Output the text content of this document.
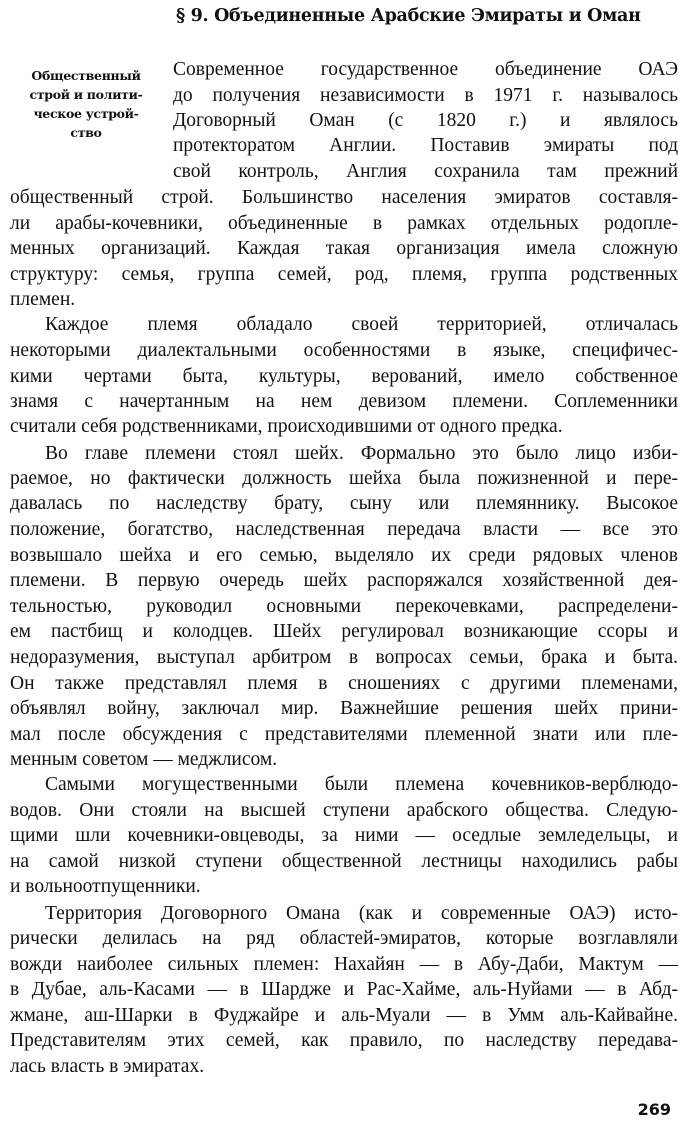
§ 9. Объединенные Арабские Эмираты и Оман
Общественный
строй и полити-
ческое устрой-
ство
Современное государственное объединение ОАЭ
до получения независимости в 1971 г. называлось
Договорный Оман (с 1820 г.) и являлось
протекторатом Англии. Поставив эмираты под
свой контроль, Англия сохранила там прежний
общественный строй. Большинство населения эмиратов составля-
ли арабы-кочевники, объединенные в рамках отдельных родопле-
менных организаций. Каждая такая организация имела сложную
структуру: семья, группа семей, род, племя, группа родственных
племен.
Каждое племя обладало своей территорией, отличалась
некоторыми диалектальными особенностями в языке, специфичес-
кими чертами быта, культуры, верований, имело собственное
знамя с начертанным на нем девизом племени. Соплеменники
считали себя родственниками, происходившими от одного предка.
Во главе племени стоял шейх. Формально это было лицо изби-
раемое, но фактически должность шейха была пожизненной и пере-
давалась по наследству брату, сыну или племяннику. Высокое
положение, богатство, наследственная передача власти — все это
возвышало шейха и его семью, выделяло их среди рядовых членов
племени. В первую очередь шейх распоряжался хозяйственной дея-
тельностью, руководил основными перекочевками, распределени-
ем пастбищ и колодцев. Шейх регулировал возникающие ссоры и
недоразумения, выступал арбитром в вопросах семьи, брака и быта.
Он также представлял племя в сношениях с другими племенами,
объявлял войну, заключал мир. Важнейшие решения шейх прини-
мал после обсуждения с представителями племенной знати или пле-
менным советом — меджлисом.
Самыми могущественными были племена кочевников-верблюдо-
водов. Они стояли на высшей ступени арабского общества. Следую-
щими шли кочевники-овцеводы, за ними — оседлые земледельцы, и
на самой низкой ступени общественной лестницы находились рабы
и вольноотпущенники.
Территория Договорного Омана (как и современные ОАЭ) исто-
рически делилась на ряд областей-эмиратов, которые возглавляли
вожди наиболее сильных племен: Нахайян — в Абу-Даби, Мактум —
в Дубае, аль-Касами — в Шардже и Рас-Хайме, аль-Нуйами — в Абд-
жмане, аш-Шарки в Фуджайре и аль-Муали — в Умм аль-Кайвайне.
Представителям этих семей, как правило, по наследству передава-
лась власть в эмиратах.
269
